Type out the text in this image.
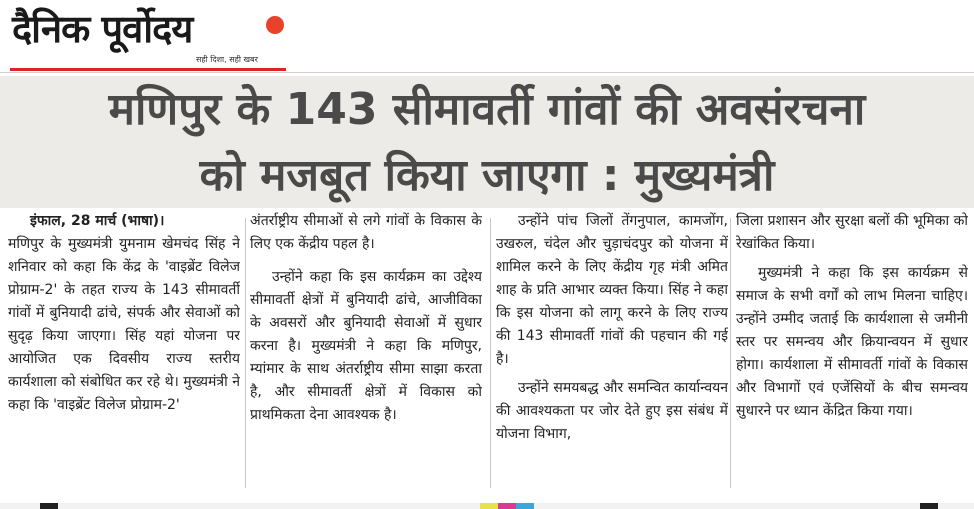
दैनिक पूर्वोदय
सही दिशा, सही खबर
मणिपुर के 143 सीमावर्ती गांवों की अवसंरचना
को मजबूत किया जाएगा : मुख्यमंत्री

इंफाल, 28 मार्च (भाषा)।

मणिपुर के मुख्यमंत्री युमनाम खेमचंद सिंह ने शनिवार को कहा कि केंद्र के 'वाइब्रेंट विलेज प्रोग्राम-2' के तहत राज्य के 143 सीमावर्ती गांवों में बुनियादी ढांचे, संपर्क और सेवाओं को सुदृढ़ किया जाएगा। सिंह यहां योजना पर आयोजित एक दिवसीय राज्य स्तरीय कार्यशाला को संबोधित कर रहे थे। मुख्यमंत्री ने कहा कि 'वाइब्रेंट विलेज प्रोग्राम-2'

अंतर्राष्ट्रीय सीमाओं से लगे गांवों के विकास के लिए एक केंद्रीय पहल है।

उन्होंने कहा कि इस कार्यक्रम का उद्देश्य सीमावर्ती क्षेत्रों में बुनियादी ढांचे, आजीविका के अवसरों और बुनियादी सेवाओं में सुधार करना है। मुख्यमंत्री ने कहा कि मणिपुर, म्यांमार के साथ अंतर्राष्ट्रीय सीमा साझा करता है, और सीमावर्ती क्षेत्रों में विकास को प्राथमिकता देना आवश्यक है।

उन्होंने पांच जिलों तेंगनुपाल, कामजोंग, उखरुल, चंदेल और चुड़ाचंदपुर को योजना में शामिल करने के लिए केंद्रीय गृह मंत्री अमित शाह के प्रति आभार व्यक्त किया। सिंह ने कहा कि इस योजना को लागू करने के लिए राज्य की 143 सीमावर्ती गांवों की पहचान की गई है।

उन्होंने समयबद्ध और समन्वित कार्यान्वयन की आवश्यकता पर जोर देते हुए इस संबंध में योजना विभाग,

जिला प्रशासन और सुरक्षा बलों की भूमिका को रेखांकित किया।

मुख्यमंत्री ने कहा कि इस कार्यक्रम से समाज के सभी वर्गों को लाभ मिलना चाहिए। उन्होंने उम्मीद जताई कि कार्यशाला से जमीनी स्तर पर समन्वय और क्रियान्वयन में सुधार होगा। कार्यशाला में सीमावर्ती गांवों के विकास और विभागों एवं एजेंसियों के बीच समन्वय सुधारने पर ध्यान केंद्रित किया गया।
